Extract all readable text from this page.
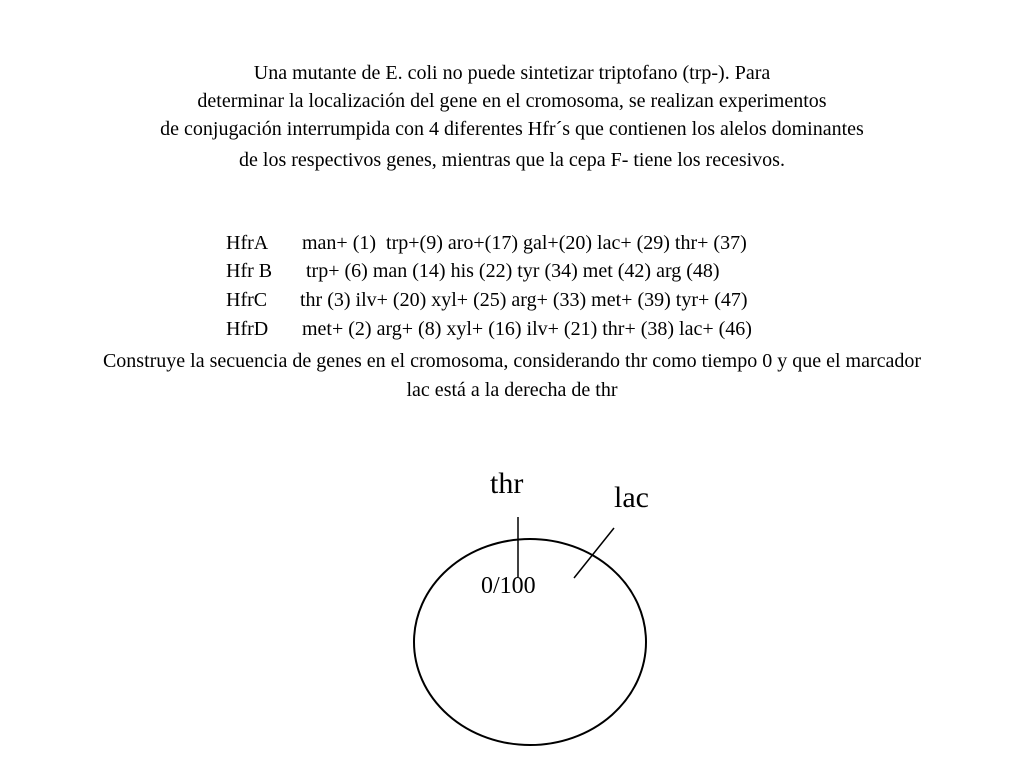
Una mutante de E. coli no puede sintetizar triptofano (trp-). Para
determinar la localización del gene en el cromosoma, se realizan experimentos
de conjugación interrumpida con 4 diferentes Hfr´s que contienen los alelos dominantes
de los respectivos genes, mientras que la cepa F- tiene los recesivos.

HfrA man+ (1)  trp+(9) aro+(17) gal+(20) lac+ (29) thr+ (37)

Hfr B trp+ (6) man (14) his (22) tyr (34) met (42) arg (48)

HfrC thr (3) ilv+ (20) xyl+ (25) arg+ (33) met+ (39) tyr+ (47)

HfrD met+ (2) arg+ (8) xyl+ (16) ilv+ (21) thr+ (38) lac+ (46)

Construye la secuencia de genes en el cromosoma, considerando thr como tiempo 0 y que el marcador
lac está a la derecha de thr
thr	lac
0/100
